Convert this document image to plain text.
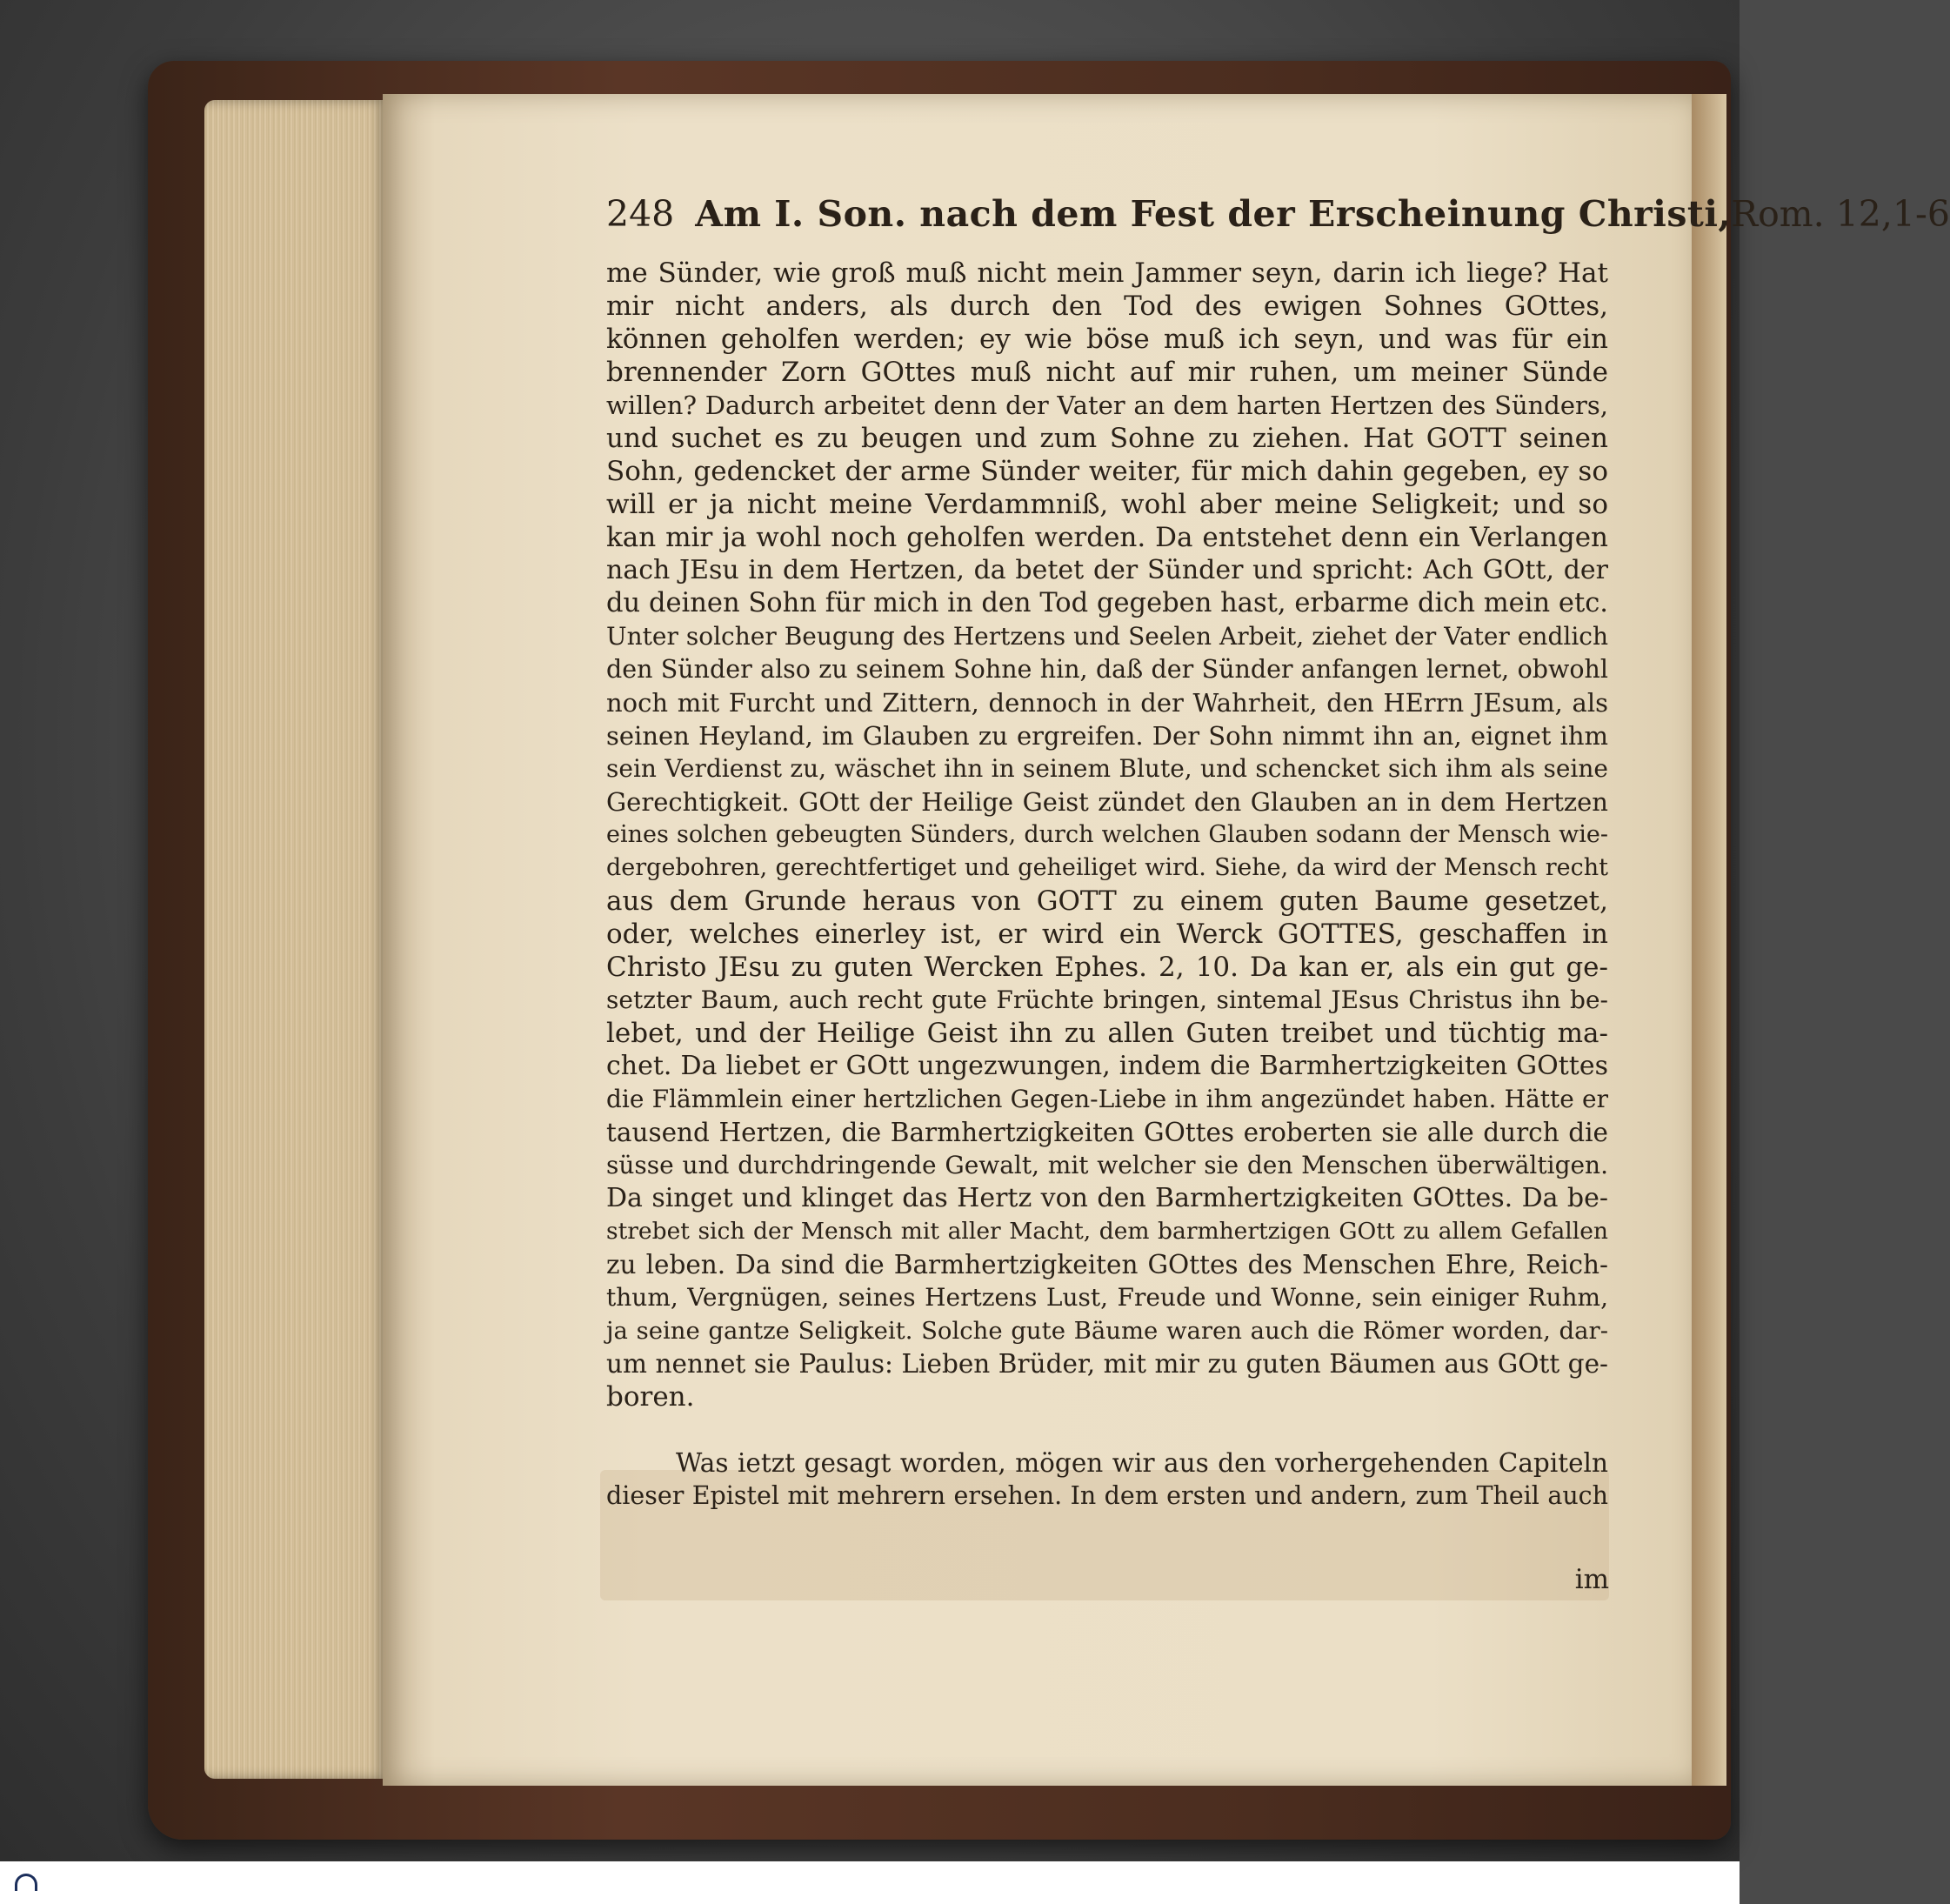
248 Am I. Son. nach dem Fest der Erscheinung Christi, Rom. 12,1-6
me Sünder, wie groß muß nicht mein Jammer seyn, darin ich liege? Hat
mir nicht anders, als durch den Tod des ewigen Sohnes GOttes,
können geholfen werden; ey wie böse muß ich seyn, und was für ein
brennender Zorn GOttes muß nicht auf mir ruhen, um meiner Sünde
willen? Dadurch arbeitet denn der Vater an dem harten Hertzen des Sünders,
und suchet es zu beugen und zum Sohne zu ziehen. Hat GOTT seinen
Sohn, gedencket der arme Sünder weiter, für mich dahin gegeben, ey so
will er ja nicht meine Verdammniß, wohl aber meine Seligkeit; und so
kan mir ja wohl noch geholfen werden. Da entstehet denn ein Verlangen
nach JEsu in dem Hertzen, da betet der Sünder und spricht: Ach GOtt, der
du deinen Sohn für mich in den Tod gegeben hast, erbarme dich mein etc.
Unter solcher Beugung des Hertzens und Seelen Arbeit, ziehet der Vater endlich
den Sünder also zu seinem Sohne hin, daß der Sünder anfangen lernet, obwohl
noch mit Furcht und Zittern, dennoch in der Wahrheit, den HErrn JEsum, als
seinen Heyland, im Glauben zu ergreifen. Der Sohn nimmt ihn an, eignet ihm
sein Verdienst zu, wäschet ihn in seinem Blute, und schencket sich ihm als seine
Gerechtigkeit. GOtt der Heilige Geist zündet den Glauben an in dem Hertzen
eines solchen gebeugten Sünders, durch welchen Glauben sodann der Mensch wie-
dergebohren, gerechtfertiget und geheiliget wird. Siehe, da wird der Mensch recht
aus dem Grunde heraus von GOTT zu einem guten Baume gesetzet,
oder, welches einerley ist, er wird ein Werck GOTTES, geschaffen in
Christo JEsu zu guten Wercken Ephes. 2, 10. Da kan er, als ein gut ge-
setzter Baum, auch recht gute Früchte bringen, sintemal JEsus Christus ihn be-
lebet, und der Heilige Geist ihn zu allen Guten treibet und tüchtig ma-
chet. Da liebet er GOtt ungezwungen, indem die Barmhertzigkeiten GOttes
die Flämmlein einer hertzlichen Gegen-Liebe in ihm angezündet haben. Hätte er
tausend Hertzen, die Barmhertzigkeiten GOttes eroberten sie alle durch die
süsse und durchdringende Gewalt, mit welcher sie den Menschen überwältigen.
Da singet und klinget das Hertz von den Barmhertzigkeiten GOttes. Da be-
strebet sich der Mensch mit aller Macht, dem barmhertzigen GOtt zu allem Gefallen
zu leben. Da sind die Barmhertzigkeiten GOttes des Menschen Ehre, Reich-
thum, Vergnügen, seines Hertzens Lust, Freude und Wonne, sein einiger Ruhm,
ja seine gantze Seligkeit. Solche gute Bäume waren auch die Römer worden, dar-
um nennet sie Paulus: Lieben Brüder, mit mir zu guten Bäumen aus GOtt ge-
boren.
Was ietzt gesagt worden, mögen wir aus den vorhergehenden Capiteln
dieser Epistel mit mehrern ersehen. In dem ersten und andern, zum Theil auch
im
